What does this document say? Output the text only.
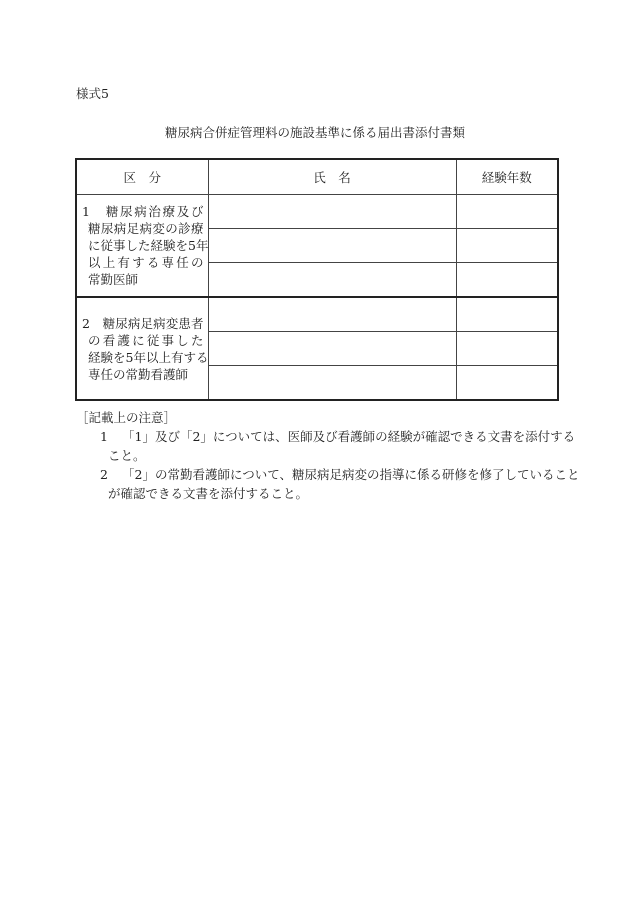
様式5
糖尿病合併症管理料の施設基準に係る届出書添付書類
区　分	氏　名	経験年数

1　糖尿病治療及び
糖尿病足病変の診療
に従事した経験を5年
以上有する専任の
常勤医師		

2　糖尿病足病変患者
の看護に従事した
経験を5年以上有する
専任の常勤看護師		

［記載上の注意］
1 「1」及び「2」については、医師及び看護師の経験が確認できる文書を添付する
こと。
2 「2」の常勤看護師について、糖尿病足病変の指導に係る研修を修了していること
が確認できる文書を添付すること。
